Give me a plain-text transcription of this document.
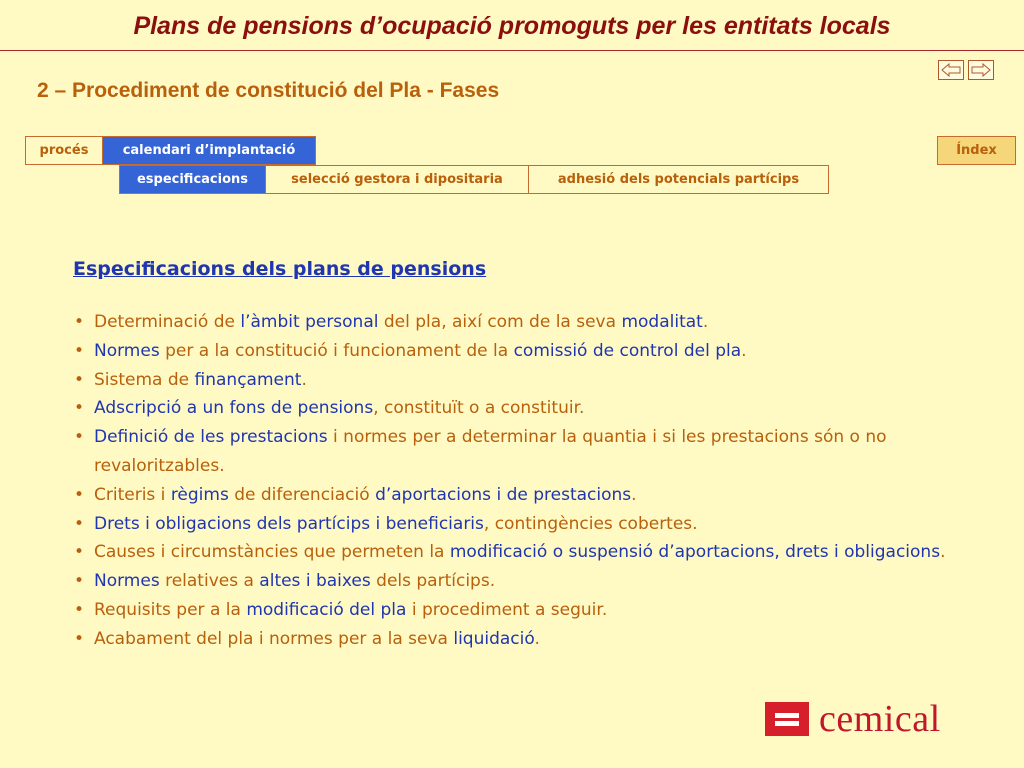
Plans de pensions d’ocupació promoguts per les entitats locals
2 – Procediment de constitució del Pla - Fases
procés	calendari d’implantació	Índex
especificacions	selecció gestora i dipositaria	adhesió dels potencials partícips
Especificacions dels plans de pensions
• Determinació de l’àmbit personal del pla, així com de la seva modalitat.
• Normes per a la constitució i funcionament de la comissió de control del pla.
• Sistema de finançament.
• Adscripció a un fons de pensions, constituït o a constituir.
• Definició de les prestacions i normes per a determinar la quantia i si les prestacions són o no revaloritzables.
• Criteris i règims de diferenciació d’aportacions i de prestacions.
• Drets i obligacions dels partícips i beneficiaris, contingències cobertes.
• Causes i circumstàncies que permeten la modificació o suspensió d’aportacions, drets i obligacions.
• Normes relatives a altes i baixes dels partícips.
• Requisits per a la modificació del pla i procediment a seguir.
• Acabament del pla i normes per a la seva liquidació.
cemical
